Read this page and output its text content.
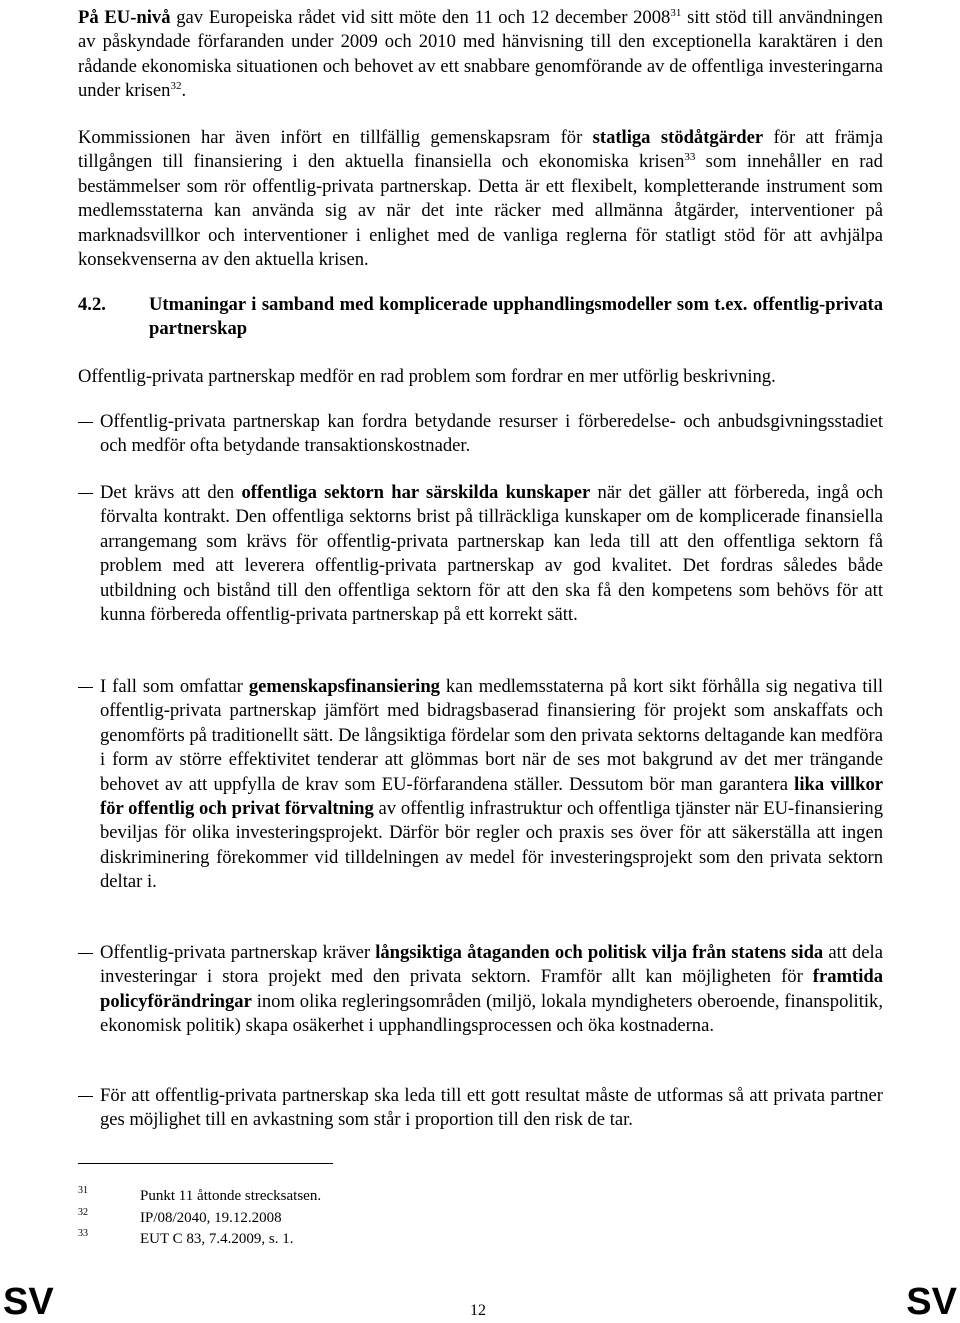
På EU-nivå gav Europeiska rådet vid sitt möte den 11 och 12 december 2008$^{31}$ sitt stöd till användningen av påskyndade förfaranden under 2009 och 2010 med hänvisning till den exceptionella karaktären i den rådande ekonomiska situationen och behovet av ett snabbare genomförande av de offentliga investeringarna under krisen$^{32}$.

Kommissionen har även infört en tillfällig gemenskapsram för statliga stödåtgärder för att främja tillgången till finansiering i den aktuella finansiella och ekonomiska krisen$^{33}$ som innehåller en rad bestämmelser som rör offentlig-privata partnerskap. Detta är ett flexibelt, kompletterande instrument som medlemsstaterna kan använda sig av när det inte räcker med allmänna åtgärder, interventioner på marknadsvillkor och interventioner i enlighet med de vanliga reglerna för statligt stöd för att avhjälpa konsekvenserna av den aktuella krisen.

4.2. Utmaningar i samband med komplicerade upphandlingsmodeller som t.ex. offentlig-privata partnerskap

Offentlig-privata partnerskap medför en rad problem som fordrar en mer utförlig beskrivning.

Offentlig-privata partnerskap kan fordra betydande resurser i förberedelse- och anbudsgivningsstadiet och medför ofta betydande transaktionskostnader.

Det krävs att den offentliga sektorn har särskilda kunskaper när det gäller att förbereda, ingå och förvalta kontrakt. Den offentliga sektorns brist på tillräckliga kunskaper om de komplicerade finansiella arrangemang som krävs för offentlig-privata partnerskap kan leda till att den offentliga sektorn få problem med att leverera offentlig-privata partnerskap av god kvalitet. Det fordras således både utbildning och bistånd till den offentliga sektorn för att den ska få den kompetens som behövs för att kunna förbereda offentlig-privata partnerskap på ett korrekt sätt.

I fall som omfattar gemenskapsfinansiering kan medlemsstaterna på kort sikt förhålla sig negativa till offentlig-privata partnerskap jämfört med bidragsbaserad finansiering för projekt som anskaffats och genomförts på traditionellt sätt. De långsiktiga fördelar som den privata sektorns deltagande kan medföra i form av större effektivitet tenderar att glömmas bort när de ses mot bakgrund av det mer trängande behovet av att uppfylla de krav som EU-förfarandena ställer. Dessutom bör man garantera lika villkor för offentlig och privat förvaltning av offentlig infrastruktur och offentliga tjänster när EU-finansiering beviljas för olika investeringsprojekt. Därför bör regler och praxis ses över för att säkerställa att ingen diskriminering förekommer vid tilldelningen av medel för investeringsprojekt som den privata sektorn deltar i.

Offentlig-privata partnerskap kräver långsiktiga åtaganden och politisk vilja från statens sida att dela investeringar i stora projekt med den privata sektorn. Framför allt kan möjligheten för framtida policyförändringar inom olika regleringsområden (miljö, lokala myndigheters oberoende, finanspolitik, ekonomisk politik) skapa osäkerhet i upphandlingsprocessen och öka kostnaderna.

För att offentlig-privata partnerskap ska leda till ett gott resultat måste de utformas så att privata partner ges möjlighet till en avkastning som står i proportion till den risk de tar.

31	Punkt 11 åttonde strecksatsen.
32	IP/08/2040, 19.12.2008
33	EUT C 83, 7.4.2009, s. 1.
SV	12	SV
